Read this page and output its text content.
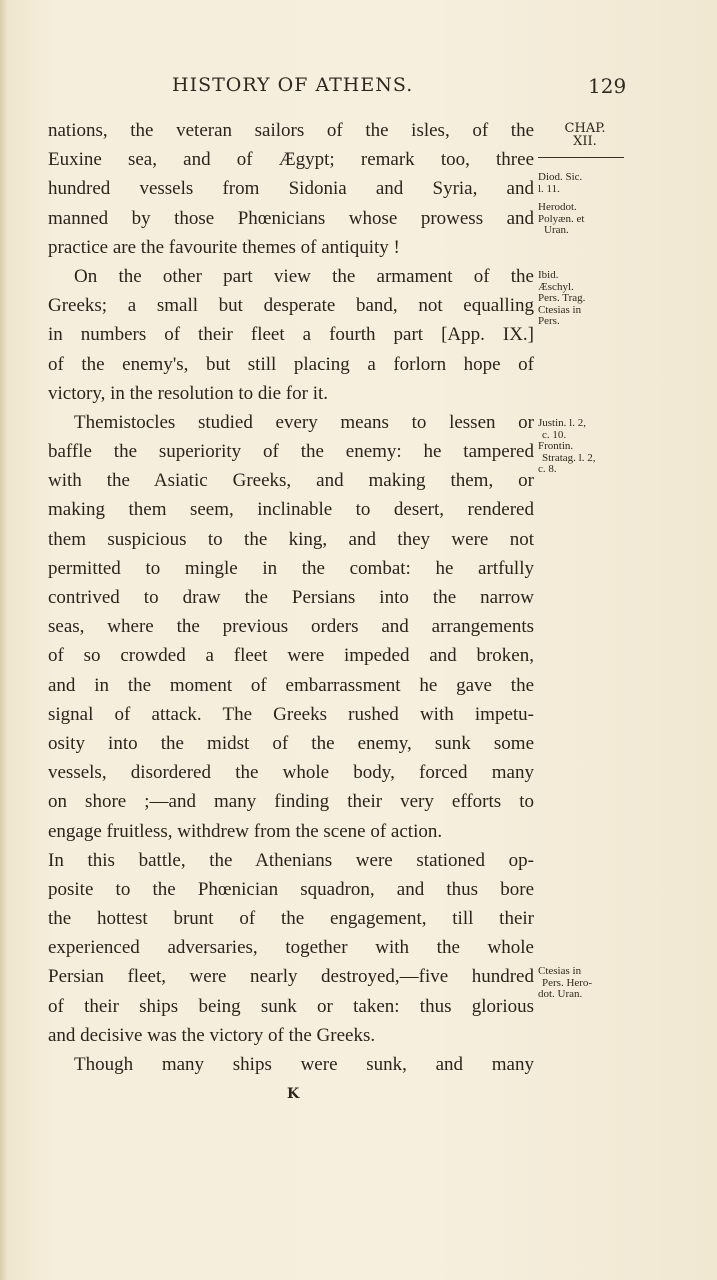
HISTORY OF ATHENS.	129
CHAP.
XII.
nations, the veteran sailors of the isles, of the
Euxine sea, and of Ægypt; remark too, three
hundred vessels from Sidonia and Syria, and
manned by those Phœnicians whose prowess and
practice are the favourite themes of antiquity !
On the other part view the armament of the
Greeks; a small but desperate band, not equalling
in numbers of their fleet a fourth part [App. IX.]
of the enemy's, but still placing a forlorn hope of
victory, in the resolution to die for it.
Themistocles studied every means to lessen or
baffle the superiority of the enemy: he tampered
with the Asiatic Greeks, and making them, or
making them seem, inclinable to desert, rendered
them suspicious to the king, and they were not
permitted to mingle in the combat: he artfully
contrived to draw the Persians into the narrow
seas, where the previous orders and arrangements
of so crowded a fleet were impeded and broken,
and in the moment of embarrassment he gave the
signal of attack. The Greeks rushed with impetu-
osity into the midst of the enemy, sunk some
vessels, disordered the whole body, forced many
on shore ;—and many finding their very efforts to
engage fruitless, withdrew from the scene of action.
In this battle, the Athenians were stationed op-
posite to the Phœnician squadron, and thus bore
the hottest brunt of the engagement, till their
experienced adversaries, together with the whole
Persian fleet, were nearly destroyed,—five hundred
of their ships being sunk or taken: thus glorious
and decisive was the victory of the Greeks.
Though many ships were sunk, and many
Diod. Sic.
l. 11.
Herodot.
Polyæn. et
Uran.
Ibid.
Æschyl.
Pers. Trag.
Ctesias in
Pers.
Justin. l. 2,
c. 10.
Frontin.
Stratag. l. 2,
c. 8.
Ctesias in
Pers. Hero-
dot. Uran.
K
